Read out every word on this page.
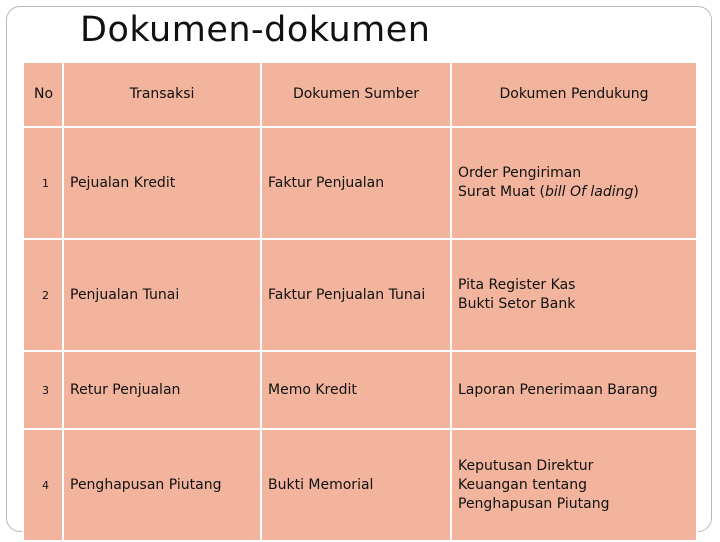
Dokumen-dokumen
No	Transaksi	Dokumen Sumber	Dokumen Pendukung
1	Pejualan Kredit	Faktur Penjualan	Order Pengiriman
Surat Muat (bill Of lading)

2	Penjualan Tunai	Faktur Penjualan Tunai	Pita Register Kas
Bukti Setor Bank

3	Retur Penjualan	Memo Kredit	Laporan Penerimaan Barang

4	Penghapusan Piutang	Bukti Memorial	Keputusan Direktur
Keuangan tentang
Penghapusan Piutang
